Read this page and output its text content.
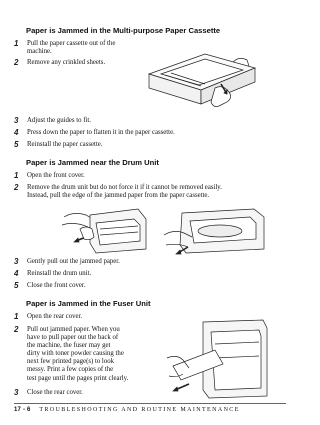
Paper is Jammed in the Multi-purpose Paper Cassette
1	Pull the paper cassette out of the
machine.
2	Remove any crinkled sheets.
3	Adjust the guides to fit.
4	Press down the paper to flatten it in the paper cassette.
5	Reinstall the paper cassette.
Paper is Jammed near the Drum Unit
1	Open the front cover.
2	Remove the drum unit but do not force it if it cannot be removed easily.
Instead, pull the edge of the jammed paper from the paper cassette.
3	Gently pull out the jammed paper.
4	Reinstall the drum unit.
5	Close the front cover.
Paper is Jammed in the Fuser Unit
1	Open the rear cover.
2	Pull out jammed paper. When you
have to pull paper out the back of
the machine, the fuser may get
dirty with toner powder causing the
next few printed page(s) to look
messy. Print a few copies of the
test page until the pages print clearly.
3	Close the rear cover.
17 - 6 TROUBLESHOOTING AND ROUTINE MAINTENANCE
